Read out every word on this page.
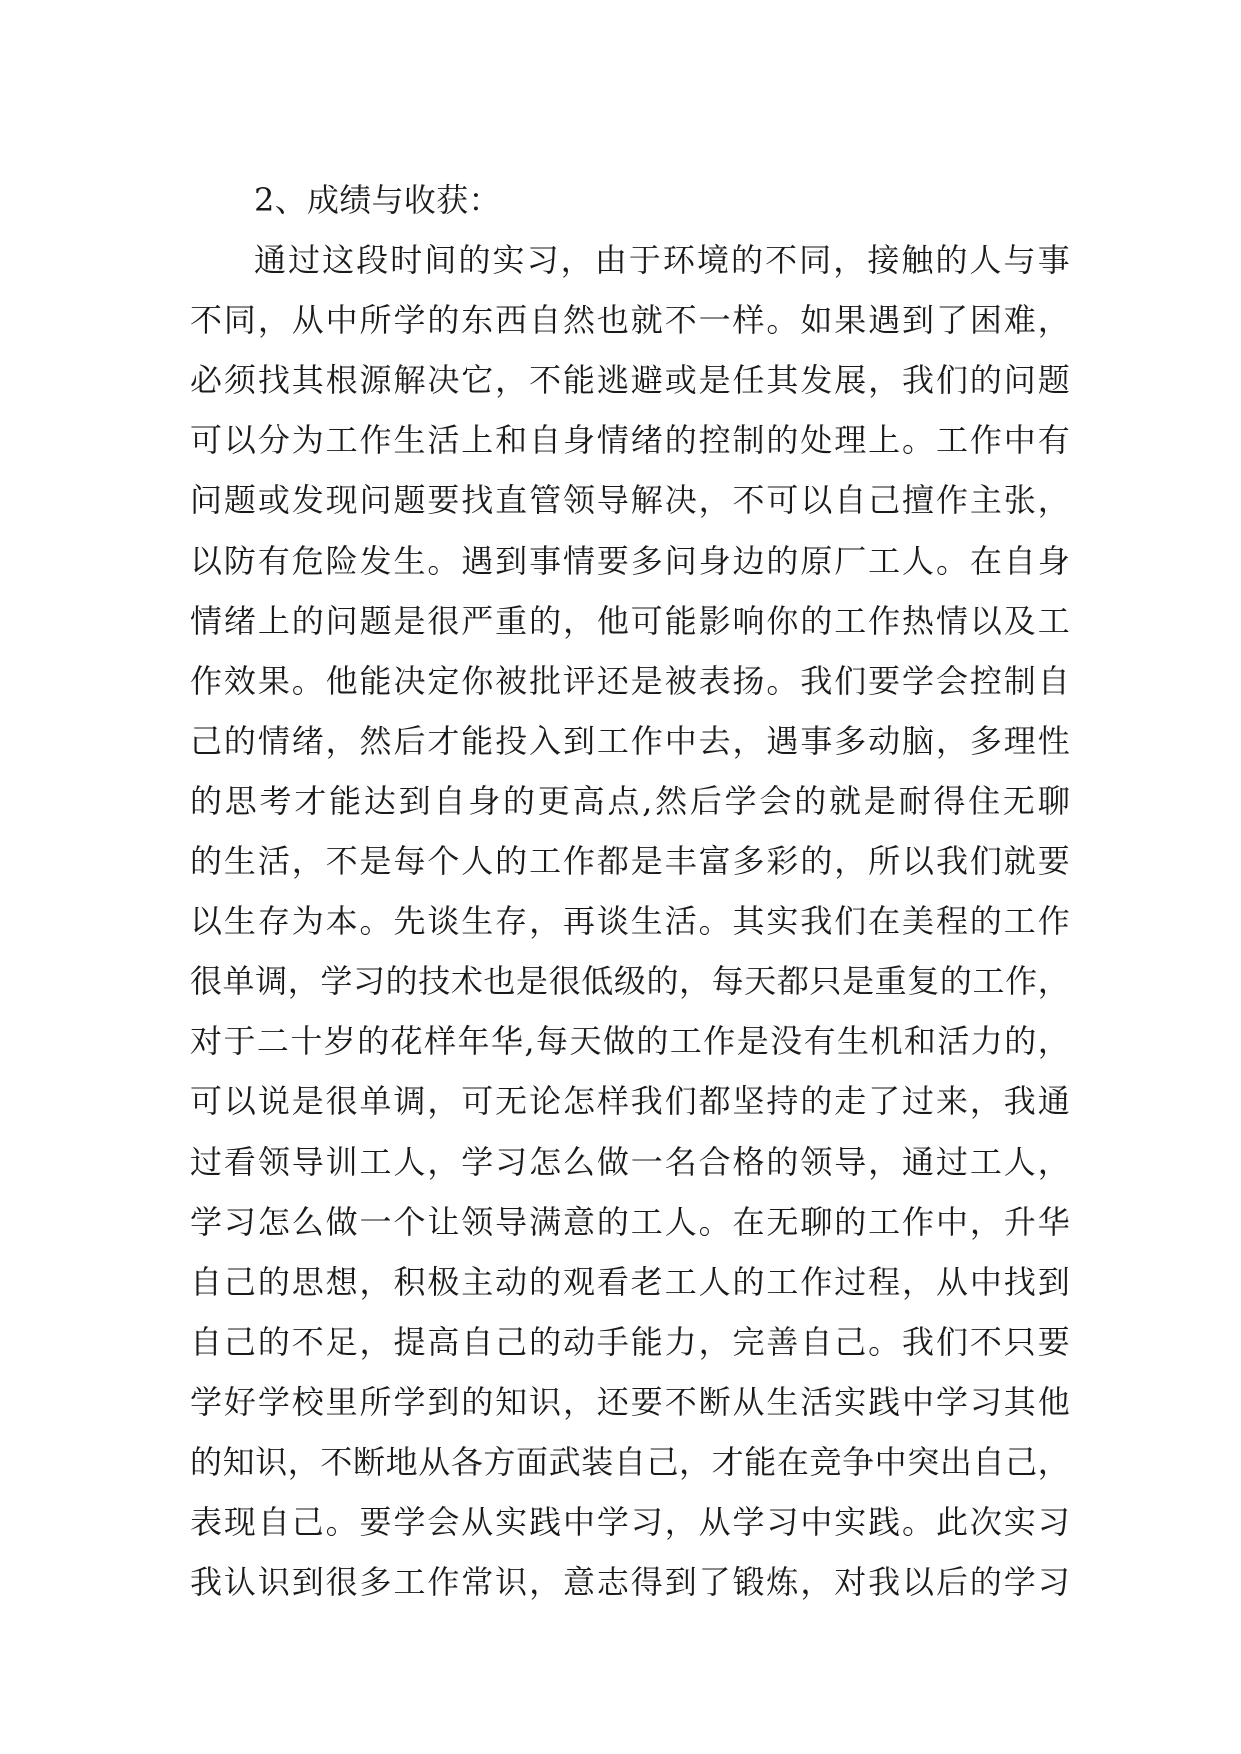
2、成绩与收获：
通过这段时间的实习，由于环境的不同，接触的人与事
不同，从中所学的东西自然也就不一样。如果遇到了困难，
必须找其根源解决它，不能逃避或是任其发展，我们的问题
可以分为工作生活上和自身情绪的控制的处理上。工作中有
问题或发现问题要找直管领导解决，不可以自己擅作主张，
以防有危险发生。遇到事情要多问身边的原厂工人。在自身
情绪上的问题是很严重的，他可能影响你的工作热情以及工
作效果。他能决定你被批评还是被表扬。我们要学会控制自
己的情绪，然后才能投入到工作中去，遇事多动脑，多理性
的思考才能达到自身的更高点,然后学会的就是耐得住无聊
的生活，不是每个人的工作都是丰富多彩的，所以我们就要
以生存为本。先谈生存，再谈生活。其实我们在美程的工作
很单调，学习的技术也是很低级的，每天都只是重复的工作，
对于二十岁的花样年华,每天做的工作是没有生机和活力的，
可以说是很单调，可无论怎样我们都坚持的走了过来，我通
过看领导训工人，学习怎么做一名合格的领导，通过工人，
学习怎么做一个让领导满意的工人。在无聊的工作中，升华
自己的思想，积极主动的观看老工人的工作过程，从中找到
自己的不足，提高自己的动手能力，完善自己。我们不只要
学好学校里所学到的知识，还要不断从生活实践中学习其他
的知识，不断地从各方面武装自己，才能在竞争中突出自己，
表现自己。要学会从实践中学习，从学习中实践。此次实习
我认识到很多工作常识，意志得到了锻炼，对我以后的学习
